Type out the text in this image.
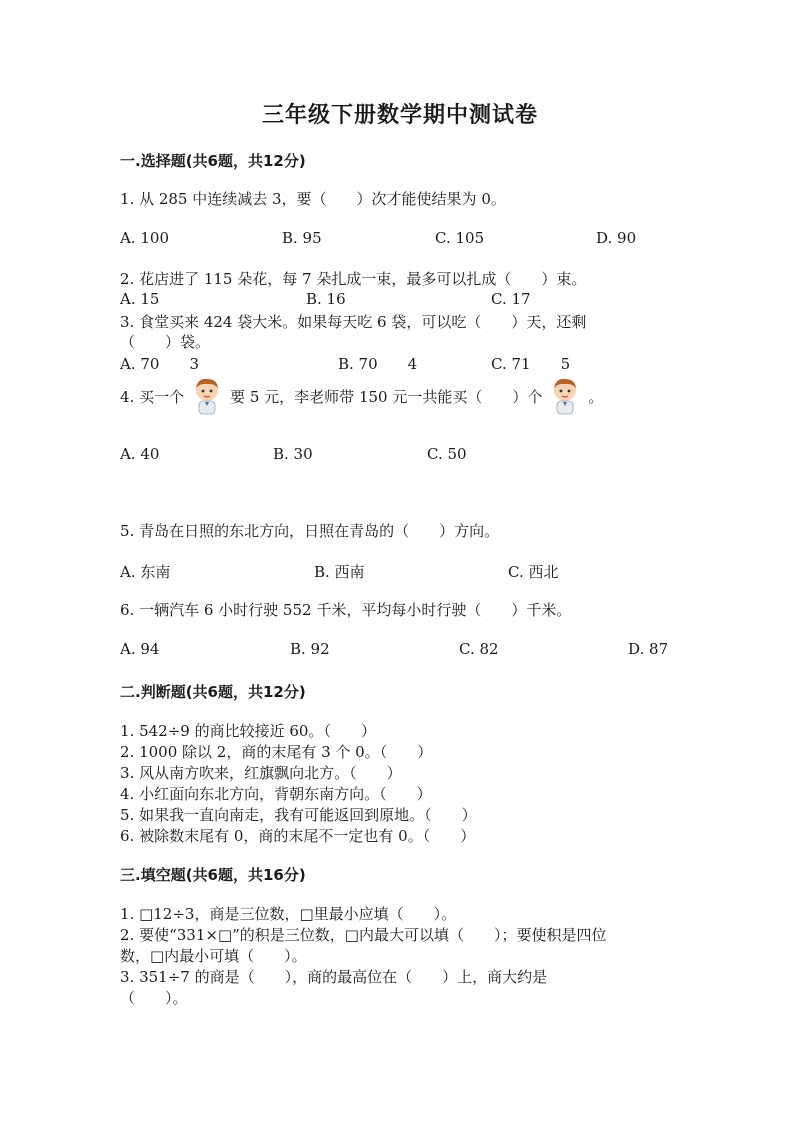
三年级下册数学期中测试卷
一.选择题(共6题，共12分)
1. 从 285 中连续减去 3，要（　　）次才能使结果为 0。
A. 100	B. 95	C. 105	D. 90
2. 花店进了 115 朵花，每 7 朵扎成一束，最多可以扎成（　　）束。
A. 15	B. 16	C. 17
3. 食堂买来 424 袋大米。如果每天吃 6 袋，可以吃（　　）天，还剩
（　　）袋。
A. 70　　3	B. 70　　4	C. 71　　5
4. 买一个	要 5 元，李老师带 150 元一共能买（　　）个	。
A. 40	B. 30	C. 50
5. 青岛在日照的东北方向，日照在青岛的（　　）方向。
A. 东南	B. 西南	C. 西北
6. 一辆汽车 6 小时行驶 552 千米，平均每小时行驶（　　）千米。
A. 94	B. 92	C. 82	D. 87
二.判断题(共6题，共12分)
1. 542÷9 的商比较接近 60。（　　）
2. 1000 除以 2，商的末尾有 3 个 0。（　　）
3. 风从南方吹来，红旗飘向北方。（　　）
4. 小红面向东北方向，背朝东南方向。（　　）
5. 如果我一直向南走，我有可能返回到原地。（　　）
6. 被除数末尾有 0，商的末尾不一定也有 0。（　　）
三.填空题(共6题，共16分)
1. □12÷3，商是三位数，□里最小应填（　　）。
2. 要使“331×□”的积是三位数，□内最大可以填（　　）；要使积是四位
数，□内最小可填（　　）。
3. 351÷7 的商是（　　），商的最高位在（　　）上，商大约是
（　　）。
